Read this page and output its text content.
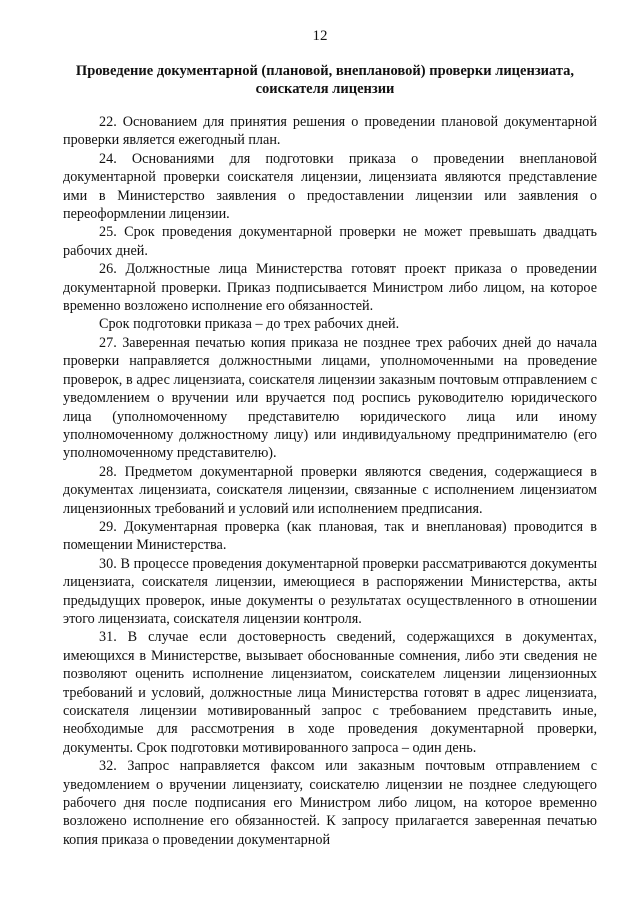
12
Проведение документарной (плановой, внеплановой) проверки лицензиата,
соискателя лицензии

22. Основанием для принятия решения о проведении плановой документарной проверки является ежегодный план.

24. Основаниями для подготовки приказа о проведении внеплановой документарной проверки соискателя лицензии, лицензиата являются представление ими в Министерство заявления о предоставлении лицензии или заявления о переоформлении лицензии.

25. Срок проведения документарной проверки не может превышать двадцать рабочих дней.

26. Должностные лица Министерства готовят проект приказа о проведении документарной проверки. Приказ подписывается Министром либо лицом, на которое временно возложено исполнение его обязанностей.

Срок подготовки приказа – до трех рабочих дней.

27. Заверенная печатью копия приказа не позднее трех рабочих дней до начала проверки направляется должностными лицами, уполномоченными на проведение проверок, в адрес лицензиата, соискателя лицензии заказным почтовым отправлением с уведомлением о вручении или вручается под роспись руководителю юридического лица (уполномоченному представителю юридического лица или иному уполномоченному должностному лицу) или индивидуальному предпринимателю (его уполномоченному представителю).

28. Предметом документарной проверки являются сведения, содержащиеся в документах лицензиата, соискателя лицензии, связанные с исполнением лицензиатом лицензионных требований и условий или исполнением предписания.

29. Документарная проверка (как плановая, так и внеплановая) проводится в помещении Министерства.

30. В процессе проведения документарной проверки рассматриваются документы лицензиата, соискателя лицензии, имеющиеся в распоряжении Министерства, акты предыдущих проверок, иные документы о результатах осуществленного в отношении этого лицензиата, соискателя лицензии контроля.

31. В случае если достоверность сведений, содержащихся в документах, имеющихся в Министерстве, вызывает обоснованные сомнения, либо эти сведения не позволяют оценить исполнение лицензиатом, соискателем лицензии лицензионных требований и условий, должностные лица Министерства готовят в адрес лицензиата, соискателя лицензии мотивированный запрос с требованием представить иные, необходимые для рассмотрения в ходе проведения документарной проверки, документы. Срок подготовки мотивированного запроса – один день.

32. Запрос направляется факсом или заказным почтовым отправлением с уведомлением о вручении лицензиату, соискателю лицензии не позднее следующего рабочего дня после подписания его Министром либо лицом, на которое временно возложено исполнение его обязанностей. К запросу прилагается заверенная печатью копия приказа о проведении документарной
